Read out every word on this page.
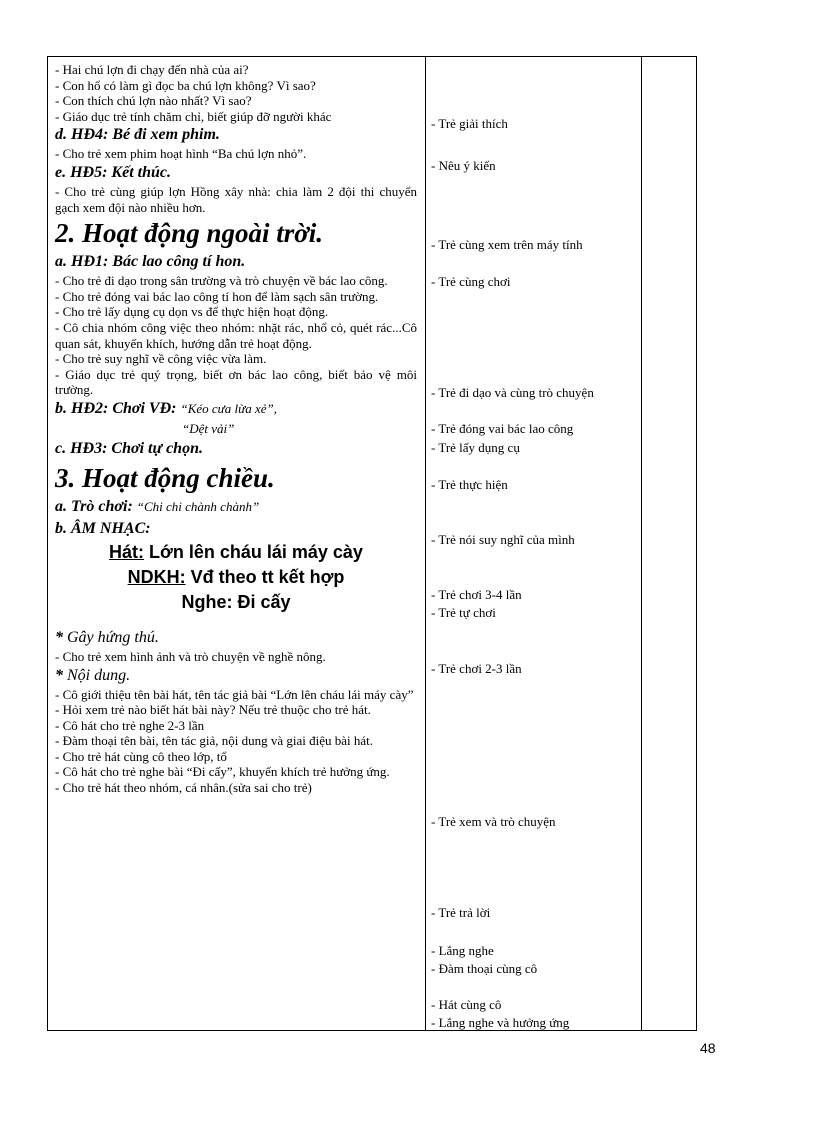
- Hai chú lợn đi chạy đến nhà của ai?
- Con hổ có làm gì đọc ba chú lợn không? Vì sao?
- Con thích chú lợn nào nhất? Vì sao?
- Giáo dục trẻ tính chăm chỉ, biết giúp đỡ người khác
d. HĐ4: Bé đi xem phim.
- Cho trẻ xem phim hoạt hình “Ba chú lợn nhỏ”.
e. HĐ5: Kết thúc.
- Cho trẻ cùng giúp lợn Hồng xây nhà: chia làm 2 đội thi chuyển gạch xem đội nào nhiều hơn.
2. Hoạt động ngoài trời.
a. HĐ1: Bác lao công tí hon.
- Cho trẻ đi dạo trong sân trường và trò chuyện về bác lao công.
- Cho trẻ đóng vai bác lao công tí hon để làm sạch sân trường.
- Cho trẻ lấy dụng cụ dọn vs để thực hiện hoạt động.
- Cô chia nhóm công việc theo nhóm: nhặt rác, nhổ cỏ, quét rác...Cô quan sát, khuyến khích, hướng dẫn trẻ hoạt động.
- Cho trẻ suy nghĩ về công việc vừa làm.
- Giáo dục trẻ quý trọng, biết ơn bác lao công, biết bảo vệ môi trường.
b. HĐ2: Chơi VĐ: “Kéo cưa lừa xẻ”,
“Dệt vải”
c. HĐ3: Chơi tự chọn.
3. Hoạt động chiều.
a. Trò chơi: “Chi chi chành chành”
b. ÂM NHẠC:
Hát: Lớn lên cháu lái máy cày
NDKH: Vđ theo tt kết hợp
Nghe: Đi cấy
* Gây hứng thú.
- Cho trẻ xem hình ảnh và trò chuyện về nghề nông.
* Nội dung.
- Cô giới thiệu tên bài hát, tên tác giả bài “Lớn lên cháu lái máy cày”
- Hỏi xem trẻ nào biết hát bài này? Nếu trẻ thuộc cho trẻ hát.
- Cô hát cho trẻ nghe 2-3 lần
- Đàm thoại tên bài, tên tác giả, nội dung và giai điệu bài hát.
- Cho trẻ hát cùng cô theo lớp, tổ
- Cô hát cho trẻ nghe bài “Đi cấy”, khuyến khích trẻ hưởng ứng.
- Cho trẻ hát theo nhóm, cá nhân.(sửa sai cho trẻ)
- Trẻ giải thích
- Nêu ý kiến
- Trẻ cùng xem trên máy tính
- Trẻ cùng chơi
- Trẻ đi dạo và cùng trò chuyện
- Trẻ đóng vai bác lao công
- Trẻ lấy dụng cụ
- Trẻ thực hiện
- Trẻ nói suy nghĩ của mình
- Trẻ chơi 3-4 lần
- Trẻ tự chơi
- Trẻ chơi 2-3 lần
- Trẻ xem và trò chuyện
- Trẻ trả lời
- Lắng nghe
- Đàm thoại cùng cô
- Hát cùng cô
- Lắng nghe và hưởng ứng
48
